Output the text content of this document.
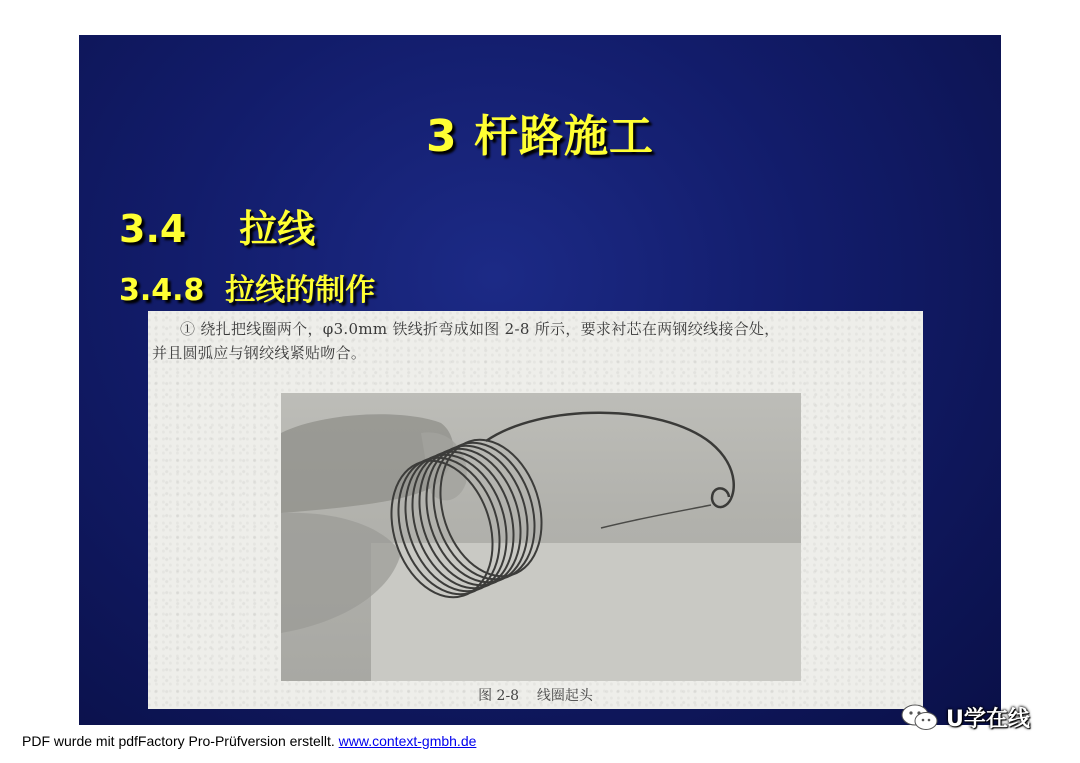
3 杆路施工
3.4    拉线
3.4.8  拉线的制作
① 绕扎把线圈两个，φ3.0mm 铁线折弯成如图 2-8 所示，要求衬芯在两钢绞线接合处，
并且圆弧应与钢绞线紧贴吻合。
图 2-8    线圈起头
U学在线
PDF wurde mit pdfFactory Pro-Prüfversion erstellt. www.context-gmbh.de
